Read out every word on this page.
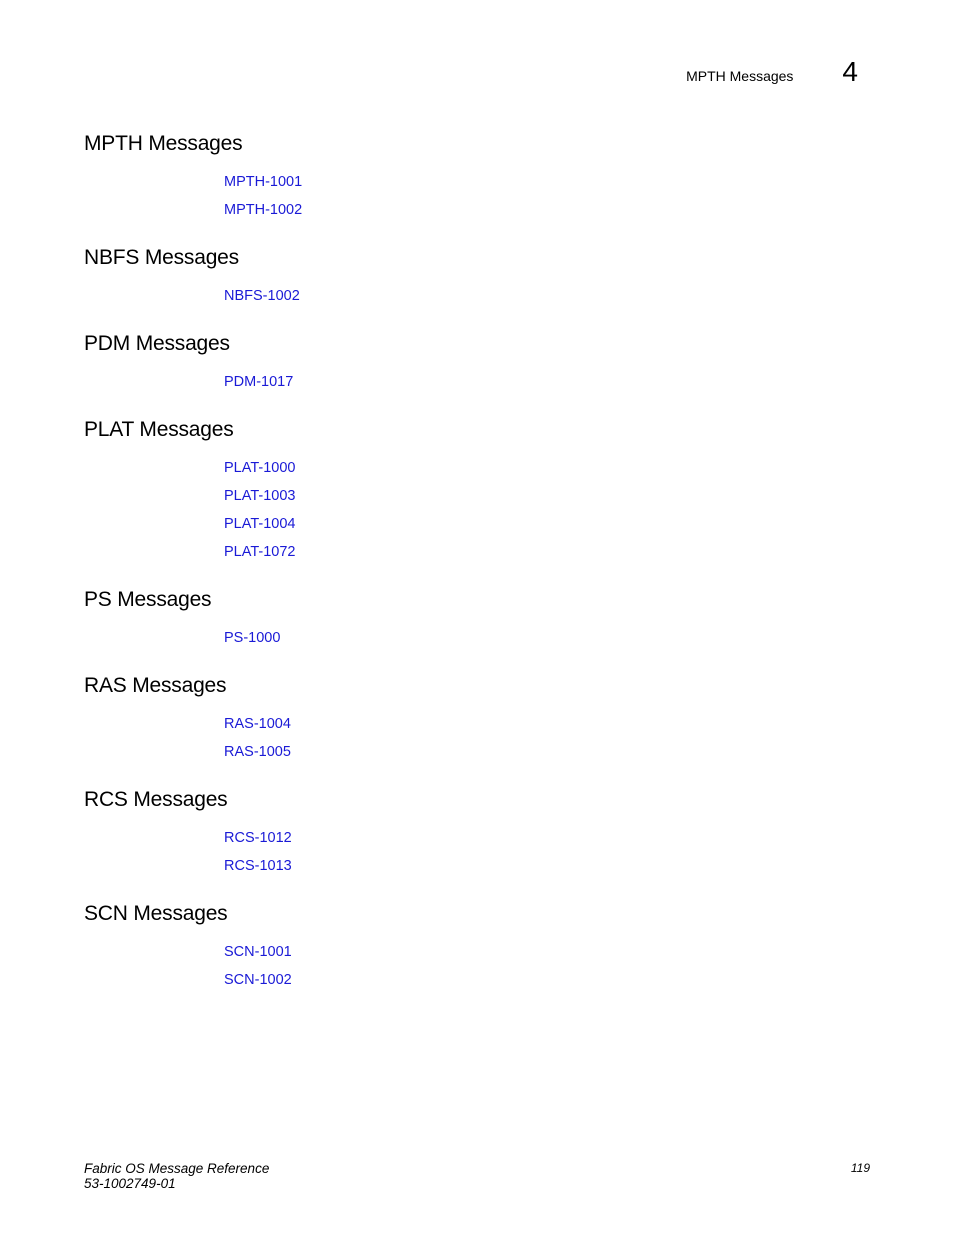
MPTH Messages 4
MPTH Messages
MPTH-1001
MPTH-1002
NBFS Messages
NBFS-1002
PDM Messages
PDM-1017
PLAT Messages
PLAT-1000
PLAT-1003
PLAT-1004
PLAT-1072
PS Messages
PS-1000
RAS Messages
RAS-1004
RAS-1005
RCS Messages
RCS-1012
RCS-1013
SCN Messages
SCN-1001
SCN-1002
Fabric OS Message Reference
53-1002749-01
119
